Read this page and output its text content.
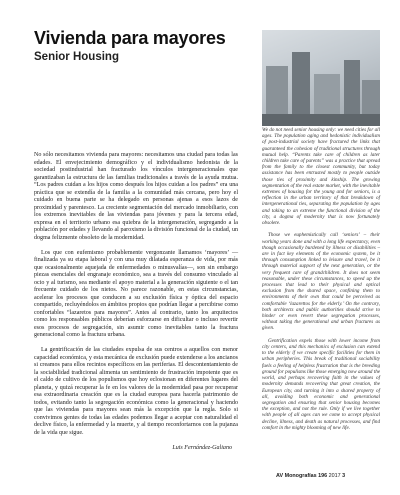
Vivienda para mayores
Senior Housing

No sólo necesitamos vivienda para mayores: necesitamos una ciudad para todas las edades. El envejecimiento demográfico y el individualismo hedonista de la sociedad postindustrial han fracturado los vínculos intergeneracionales que garantizaban la estructura de las familias tradicionales a través de la ayuda mutua. “Los padres cuidan a los hijos como después los hijos cuidan a los padres” era una práctica que se extendía de la familia a la comunidad más cercana, pero hoy el cuidado en buena parte se ha delegado en personas ajenas a esos lazos de proximidad y parentesco. La creciente segmentación del mercado inmobiliario, con los extremos inevitables de las viviendas para jóvenes y para la tercera edad, expresa en el territorio urbano esa quiebra de la intergeneración, segregando a la población por edades y llevando al paroxismo la división funcional de la ciudad, un dogma felizmente obsoleto de la modernidad.

Los que con eufemismo probablemente vergonzante llamamos ‘mayores’ —finalizada ya su etapa laboral y con una muy dilatada esperanza de vida, por más que ocasionalmente aquejada de enfermedades o minusvalías—, son sin embargo piezas esenciales del engranaje económico, sea a través del consumo vinculado al ocio y al turismo, sea mediante el apoyo material a la generación siguiente o el tan frecuente cuidado de los nietos. No parece razonable, en estas circunstancias, acelerar los procesos que conducen a su exclusión física y óptica del espacio compartido, recluyéndolos en ámbitos propios que podrían llegar a percibirse como confortables “lazaretos para mayores”. Antes al contrario, tanto los arquitectos como los responsables públicos deberían esforzarse en dificultar o incluso revertir esos procesos de segregación, sin asumir como inevitables tanto la fractura generacional como la fractura urbana.

La gentrificación de las ciudades expulsa de sus centros a aquellos con menor capacidad económica, y esta mecánica de exclusión puede extenderse a los ancianos si creamos para ellos recintos específicos en las periferias. El descontentamiento de la sociabilidad tradicional alimenta un sentimiento de frustración impotente que es el caldo de cultivo de los populismos que hoy eclosionan en diferentes lugares del planeta, y quizá recuperar la fe en los valores de la modernidad pasa por recuperar esa extraordinaria creación que es la ciudad europea para hacerla patrimonio de todos, evitando tanto la segregación económica como la generacional y haciendo que las viviendas para mayores sean más la excepción que la regla. Solo si convivimos gentes de todas las edades podemos llegar a aceptar con naturalidad el declive físico, la enfermedad y la muerte, y al tiempo reconfortarnos con la pujanza de la vida que sigue.

Luis Fernández-Galiano

We do not need senior housing only: we need cities for all ages. The population aging and hedonistic individualism of post-industrial society have fractured the links that guaranteed the cohesion of traditional structures through mutual help. “Parents take care of children as later children take care of parents” was a practice that spread from the family to the closest community, but today assistance has been entrusted mostly to people outside those ties of proximity and kinship. The growing segmentation of the real estate market, with the inevitable extremes of housing for the young and for seniors, is a reflection in the urban territory of that breakdown of intergenerational ties, separating the population by ages and taking to an extreme the functional division of the city, a dogma of modernity that is now fortunately obsolete.

Those we euphemistically call ‘seniors’ – their working years done and with a long life expectancy, even though occasionally burdened by illness or disabilities – are in fact key elements of the economic system, be it through consumption linked to leisure and travel, be it through material support of the next generation, or the very frequent care of grandchildren. It does not seem reasonable, under these circumstances, to speed up the processes that lead to their physical and optical exclusion from the shared space, confining them to environments of their own that could be perceived as comfortable ‘lazarettos for the elderly.’ On the contrary, both architects and public authorities should strive to hinder or even revert these segregation processes, without taking the generational and urban fractures as given.

Gentrification expels those with lower income from city centers, and this mechanics of exclusion can extend to the elderly if we create specific facilities for them in urban peripheries. This break of traditional sociability fuels a feeling of helpless frustration that is the breeding ground for populisms like those emerging now around the world, and perhaps recovering faith in the values of modernity demands recovering that great creation, the European city, and turning it into a shared property of all, avoiding both economic and generational segregation and ensuring that senior housing becomes the exception, and not the rule. Only if we live together with people of all ages can we come to accept physical decline, illness, and death as natural processes, and find comfort in the mighty blooming of new life.

AV Monografías 196 2017 3
